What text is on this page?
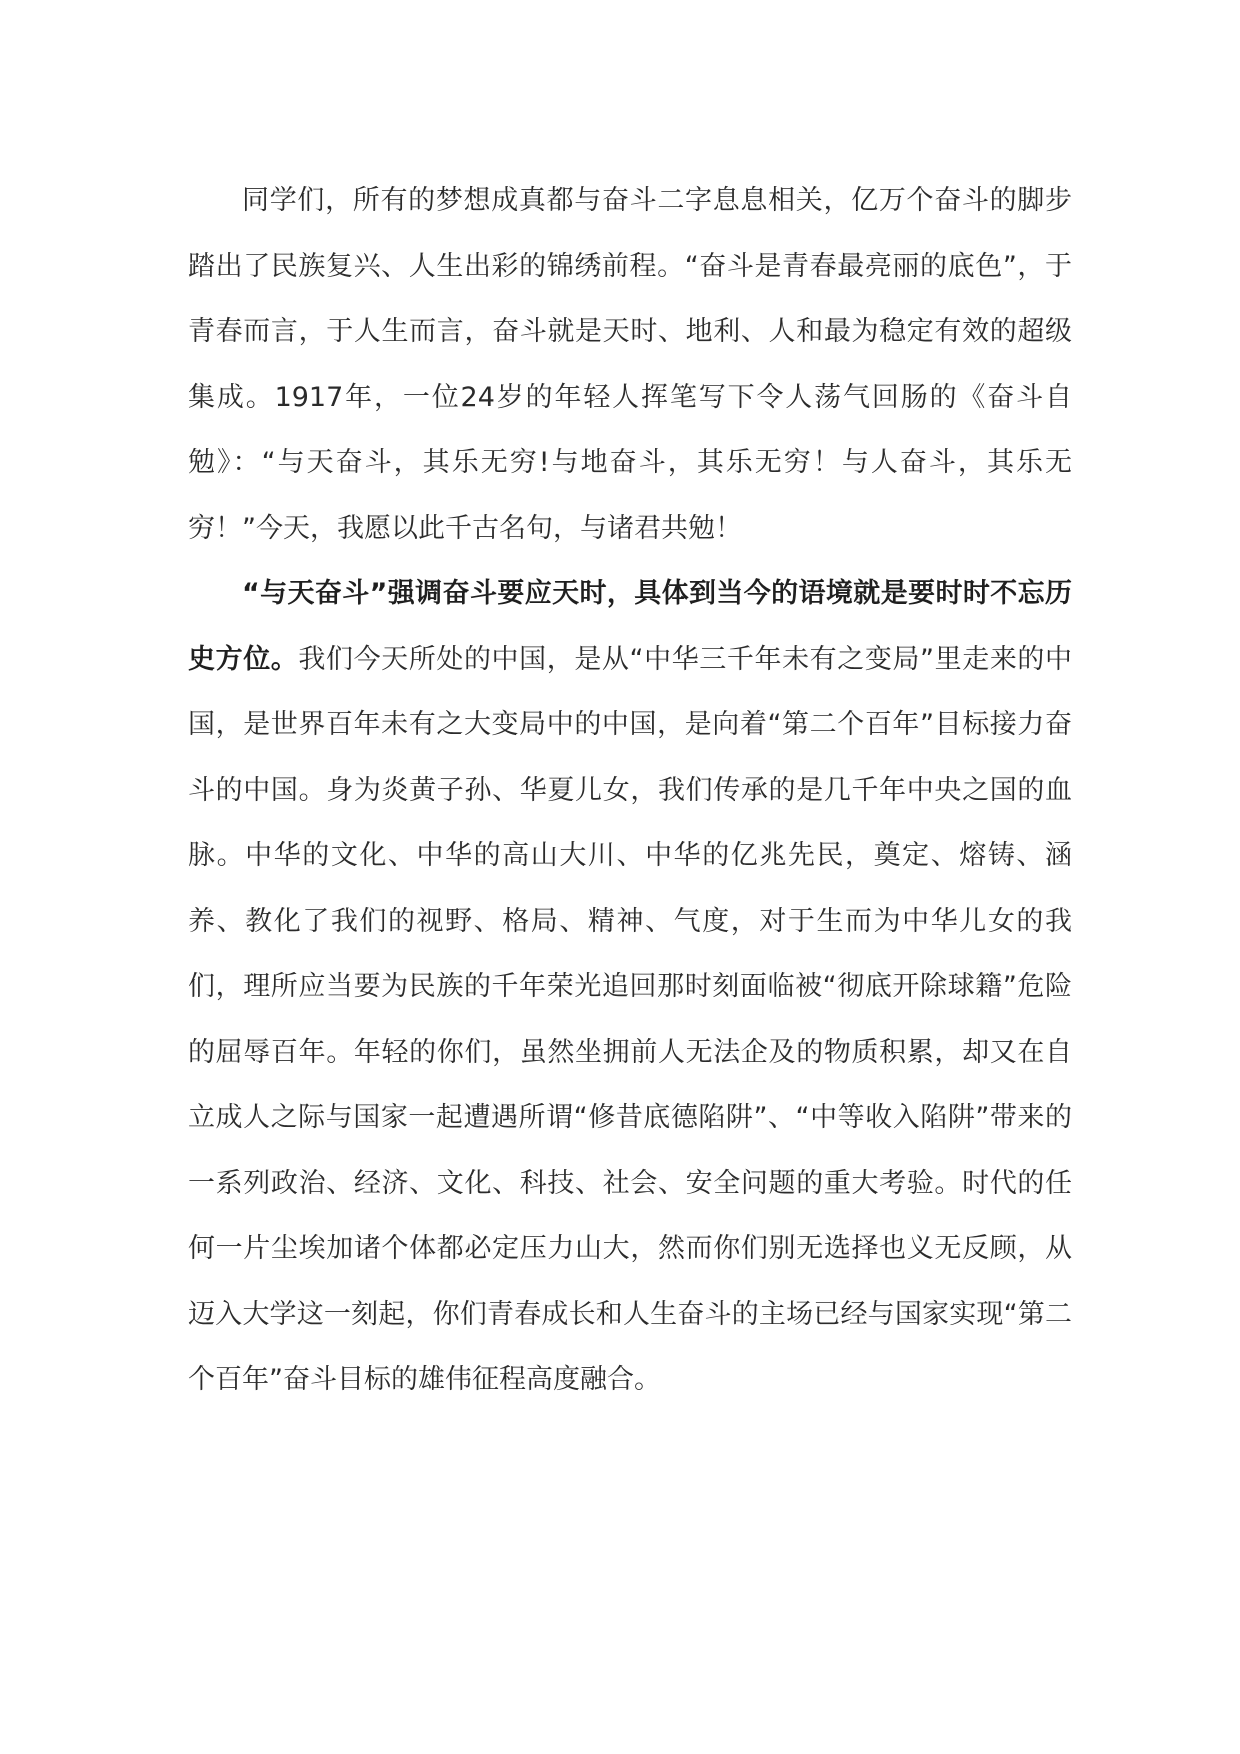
同学们，所有的梦想成真都与奋斗二字息息相关，亿万个奋斗的脚步踏出了民族复兴、人生出彩的锦绣前程。“奋斗是青春最亮丽的底色”，于青春而言，于人生而言，奋斗就是天时、地利、人和最为稳定有效的超级集成。1917年，一位24岁的年轻人挥笔写下令人荡气回肠的《奋斗自勉》：“与天奋斗，其乐无穷!与地奋斗，其乐无穷！与人奋斗，其乐无穷！”今天，我愿以此千古名句，与诸君共勉！

“与天奋斗”强调奋斗要应天时，具体到当今的语境就是要时时不忘历史方位。我们今天所处的中国，是从“中华三千年未有之变局”里走来的中国，是世界百年未有之大变局中的中国，是向着“第二个百年”目标接力奋斗的中国。身为炎黄子孙、华夏儿女，我们传承的是几千年中央之国的血脉。中华的文化、中华的高山大川、中华的亿兆先民，奠定、熔铸、涵养、教化了我们的视野、格局、精神、气度，对于生而为中华儿女的我们，理所应当要为民族的千年荣光追回那时刻面临被“彻底开除球籍”危险的屈辱百年。年轻的你们，虽然坐拥前人无法企及的物质积累，却又在自立成人之际与国家一起遭遇所谓“修昔底德陷阱”、“中等收入陷阱”带来的一系列政治、经济、文化、科技、社会、安全问题的重大考验。时代的任何一片尘埃加诸个体都必定压力山大，然而你们别无选择也义无反顾，从迈入大学这一刻起，你们青春成长和人生奋斗的主场已经与国家实现“第二个百年”奋斗目标的雄伟征程高度融合。
